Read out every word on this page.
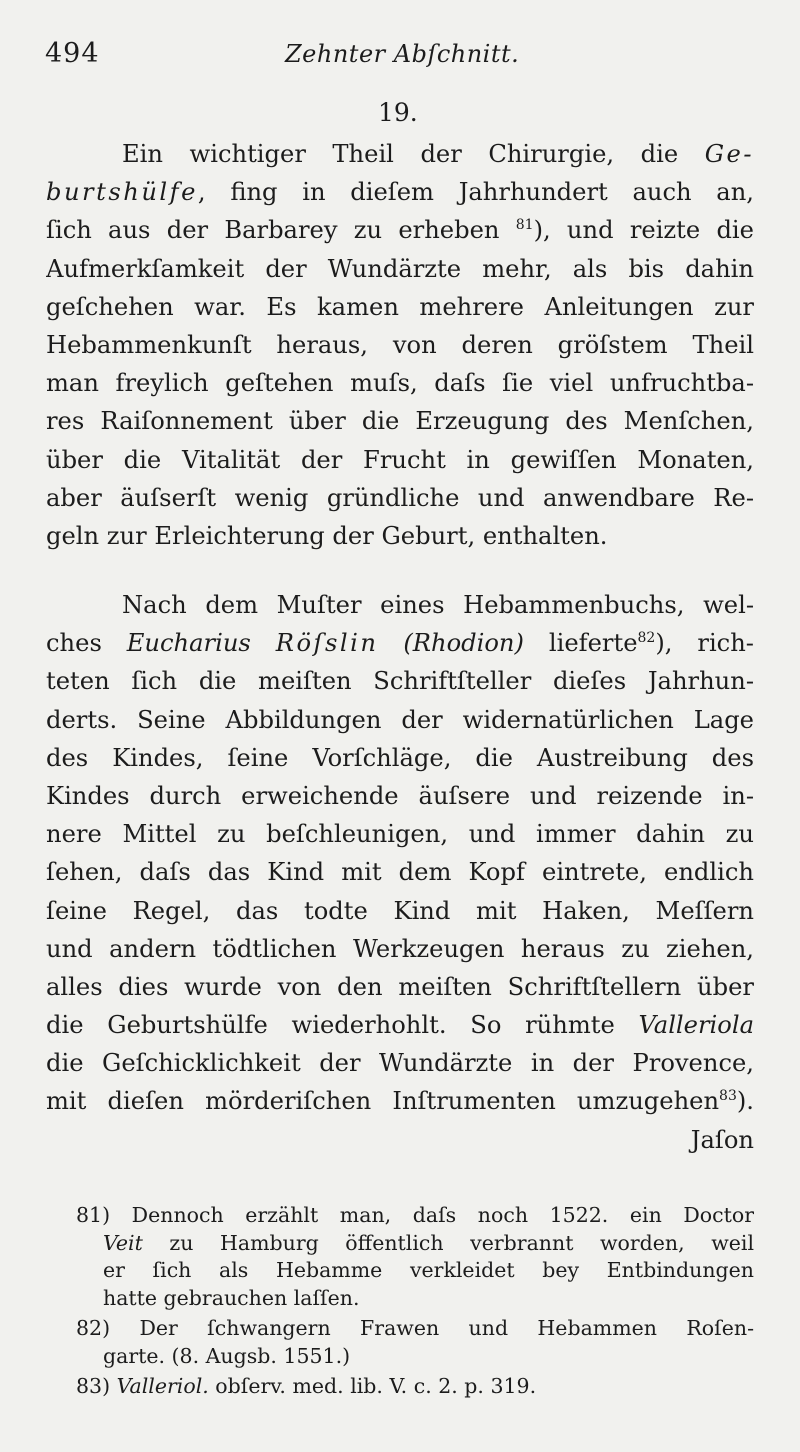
494	Zehnter Abſchnitt.
19.
Ein wichtiger Theil der Chirurgie, die Ge-
burtshülfe, fing in dieſem Jahrhundert auch an,
ſich aus der Barbarey zu erheben $^{81}$), und reizte die
Aufmerkſamkeit der Wundärzte mehr, als bis dahin
geſchehen war. Es kamen mehrere Anleitungen zur
Hebammenkunſt heraus, von deren gröſstem Theil
man freylich geſtehen muſs, daſs ſie viel unfruchtba-
res Raiſonnement über die Erzeugung des Menſchen,
über die Vitalität der Frucht in gewiſſen Monaten,
aber äuſserſt wenig gründliche und anwendbare Re-
geln zur Erleichterung der Geburt, enthalten.
Nach dem Muſter eines Hebammenbuchs, wel-
ches Eucharius Röſslin (Rhodion) lieferte$^{82}$), rich-
teten ſich die meiſten Schriftſteller dieſes Jahrhun-
derts. Seine Abbildungen der widernatürlichen Lage
des Kindes, ſeine Vorſchläge, die Austreibung des
Kindes durch erweichende äuſsere und reizende in-
nere Mittel zu beſchleunigen, und immer dahin zu
ſehen, daſs das Kind mit dem Kopf eintrete, endlich
ſeine Regel, das todte Kind mit Haken, Meſſern
und andern tödtlichen Werkzeugen heraus zu ziehen,
alles dies wurde von den meiſten Schriftſtellern über
die Geburtshülfe wiederhohlt. So rühmte Valleriola
die Geſchicklichkeit der Wundärzte in der Provence,
mit dieſen mörderiſchen Inſtrumenten umzugehen$^{83}$).
Jaſon
81) Dennoch erzählt man, daſs noch 1522. ein Doctor
Veit zu Hamburg öffentlich verbrannt worden, weil
er ſich als Hebamme verkleidet bey Entbindungen
hatte gebrauchen laſſen.
82) Der ſchwangern Frawen und Hebammen Roſen-
garte. (8. Augsb. 1551.)
83) Valleriol. obſerv. med. lib. V. c. 2. p. 319.
